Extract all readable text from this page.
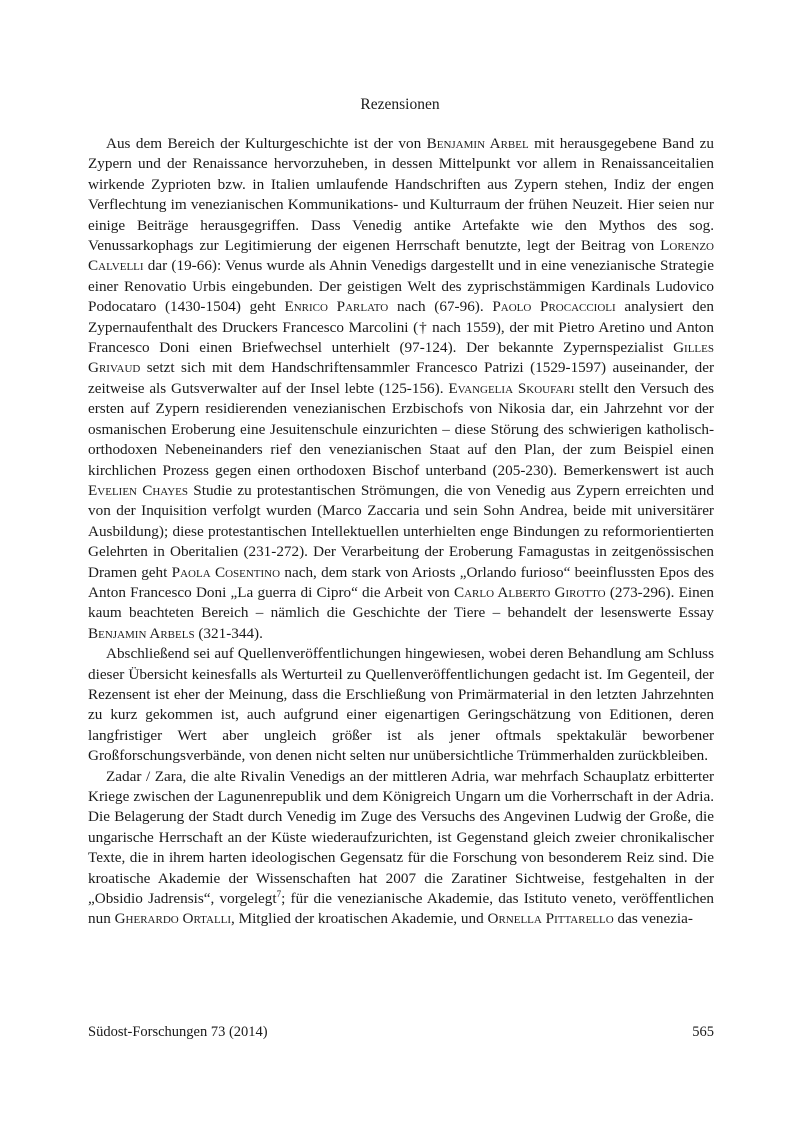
Rezensionen

Aus dem Bereich der Kulturgeschichte ist der von Benjamin Arbel mit herausgegebene Band zu Zypern und der Renaissance hervorzuheben, in dessen Mittelpunkt vor allem in Renaissanceitalien wirkende Zyprioten bzw. in Italien umlaufende Handschriften aus Zypern stehen, Indiz der engen Verflechtung im venezianischen Kommunikations- und Kulturraum der frühen Neuzeit. Hier seien nur einige Beiträge herausgegriffen. Dass Venedig antike Artefakte wie den Mythos des sog. Venussarkophags zur Legitimierung der eigenen Herrschaft benutzte, legt der Beitrag von Lorenzo Calvelli dar (19-66): Venus wurde als Ahnin Venedigs dargestellt und in eine venezianische Strategie einer Renovatio Urbis eingebunden. Der geistigen Welt des zyprischstämmigen Kardinals Ludovico Podocataro (1430-1504) geht Enrico Parlato nach (67-96). Paolo Procaccioli analysiert den Zypernaufenthalt des Druckers Francesco Marcolini († nach 1559), der mit Pietro Aretino und Anton Francesco Doni einen Briefwechsel unterhielt (97-124). Der bekannte Zypernspezialist Gilles Grivaud setzt sich mit dem Handschriftensammler Francesco Patrizi (1529-1597) auseinander, der zeitweise als Gutsverwalter auf der Insel lebte (125-156). Evangelia Skoufari stellt den Versuch des ersten auf Zypern residierenden venezianischen Erzbischofs von Nikosia dar, ein Jahrzehnt vor der osmanischen Eroberung eine Jesuitenschule einzurichten – diese Störung des schwierigen katholisch-orthodoxen Nebeneinanders rief den venezianischen Staat auf den Plan, der zum Beispiel einen kirchlichen Prozess gegen einen orthodoxen Bischof unterband (205-230). Bemerkenswert ist auch Evelien Chayes Studie zu protestantischen Strömungen, die von Venedig aus Zypern erreichten und von der Inquisition verfolgt wurden (Marco Zaccaria und sein Sohn Andrea, beide mit universitärer Ausbildung); diese protestantischen Intellektuellen unterhielten enge Bindungen zu reformorientierten Gelehrten in Oberitalien (231-272). Der Verarbeitung der Eroberung Famagustas in zeitgenössischen Dramen geht Paola Cosentino nach, dem stark von Ariosts „Orlando furioso“ beeinflussten Epos des Anton Francesco Doni „La guerra di Cipro“ die Arbeit von Carlo Alberto Girotto (273-296). Einen kaum beachteten Bereich – nämlich die Geschichte der Tiere – behandelt der lesenswerte Essay Benjamin Arbels (321-344).

Abschließend sei auf Quellenveröffentlichungen hingewiesen, wobei deren Behandlung am Schluss dieser Übersicht keinesfalls als Werturteil zu Quellenveröffentlichungen gedacht ist. Im Gegenteil, der Rezensent ist eher der Meinung, dass die Erschließung von Primärmaterial in den letzten Jahrzehnten zu kurz gekommen ist, auch aufgrund einer eigenartigen Geringschätzung von Editionen, deren langfristiger Wert aber ungleich größer ist als jener oftmals spektakulär beworbener Großforschungsverbände, von denen nicht selten nur unübersichtliche Trümmerhalden zurückbleiben.

Zadar / Zara, die alte Rivalin Venedigs an der mittleren Adria, war mehrfach Schauplatz erbitterter Kriege zwischen der Lagunenrepublik und dem Königreich Ungarn um die Vorherrschaft in der Adria. Die Belagerung der Stadt durch Venedig im Zuge des Versuchs des Angevinen Ludwig der Große, die ungarische Herrschaft an der Küste wiederaufzurichten, ist Gegenstand gleich zweier chronikalischer Texte, die in ihrem harten ideologischen Gegensatz für die Forschung von besonderem Reiz sind. Die kroatische Akademie der Wissenschaften hat 2007 die Zaratiner Sichtweise, festgehalten in der „Obsidio Jadrensis“, vorgelegt$^7$; für die venezianische Akademie, das Istituto veneto, veröffentlichen nun Gherardo Ortalli, Mitglied der kroatischen Akademie, und Ornella Pittarello das venezia-

Südost-Forschungen 73 (2014)	565
